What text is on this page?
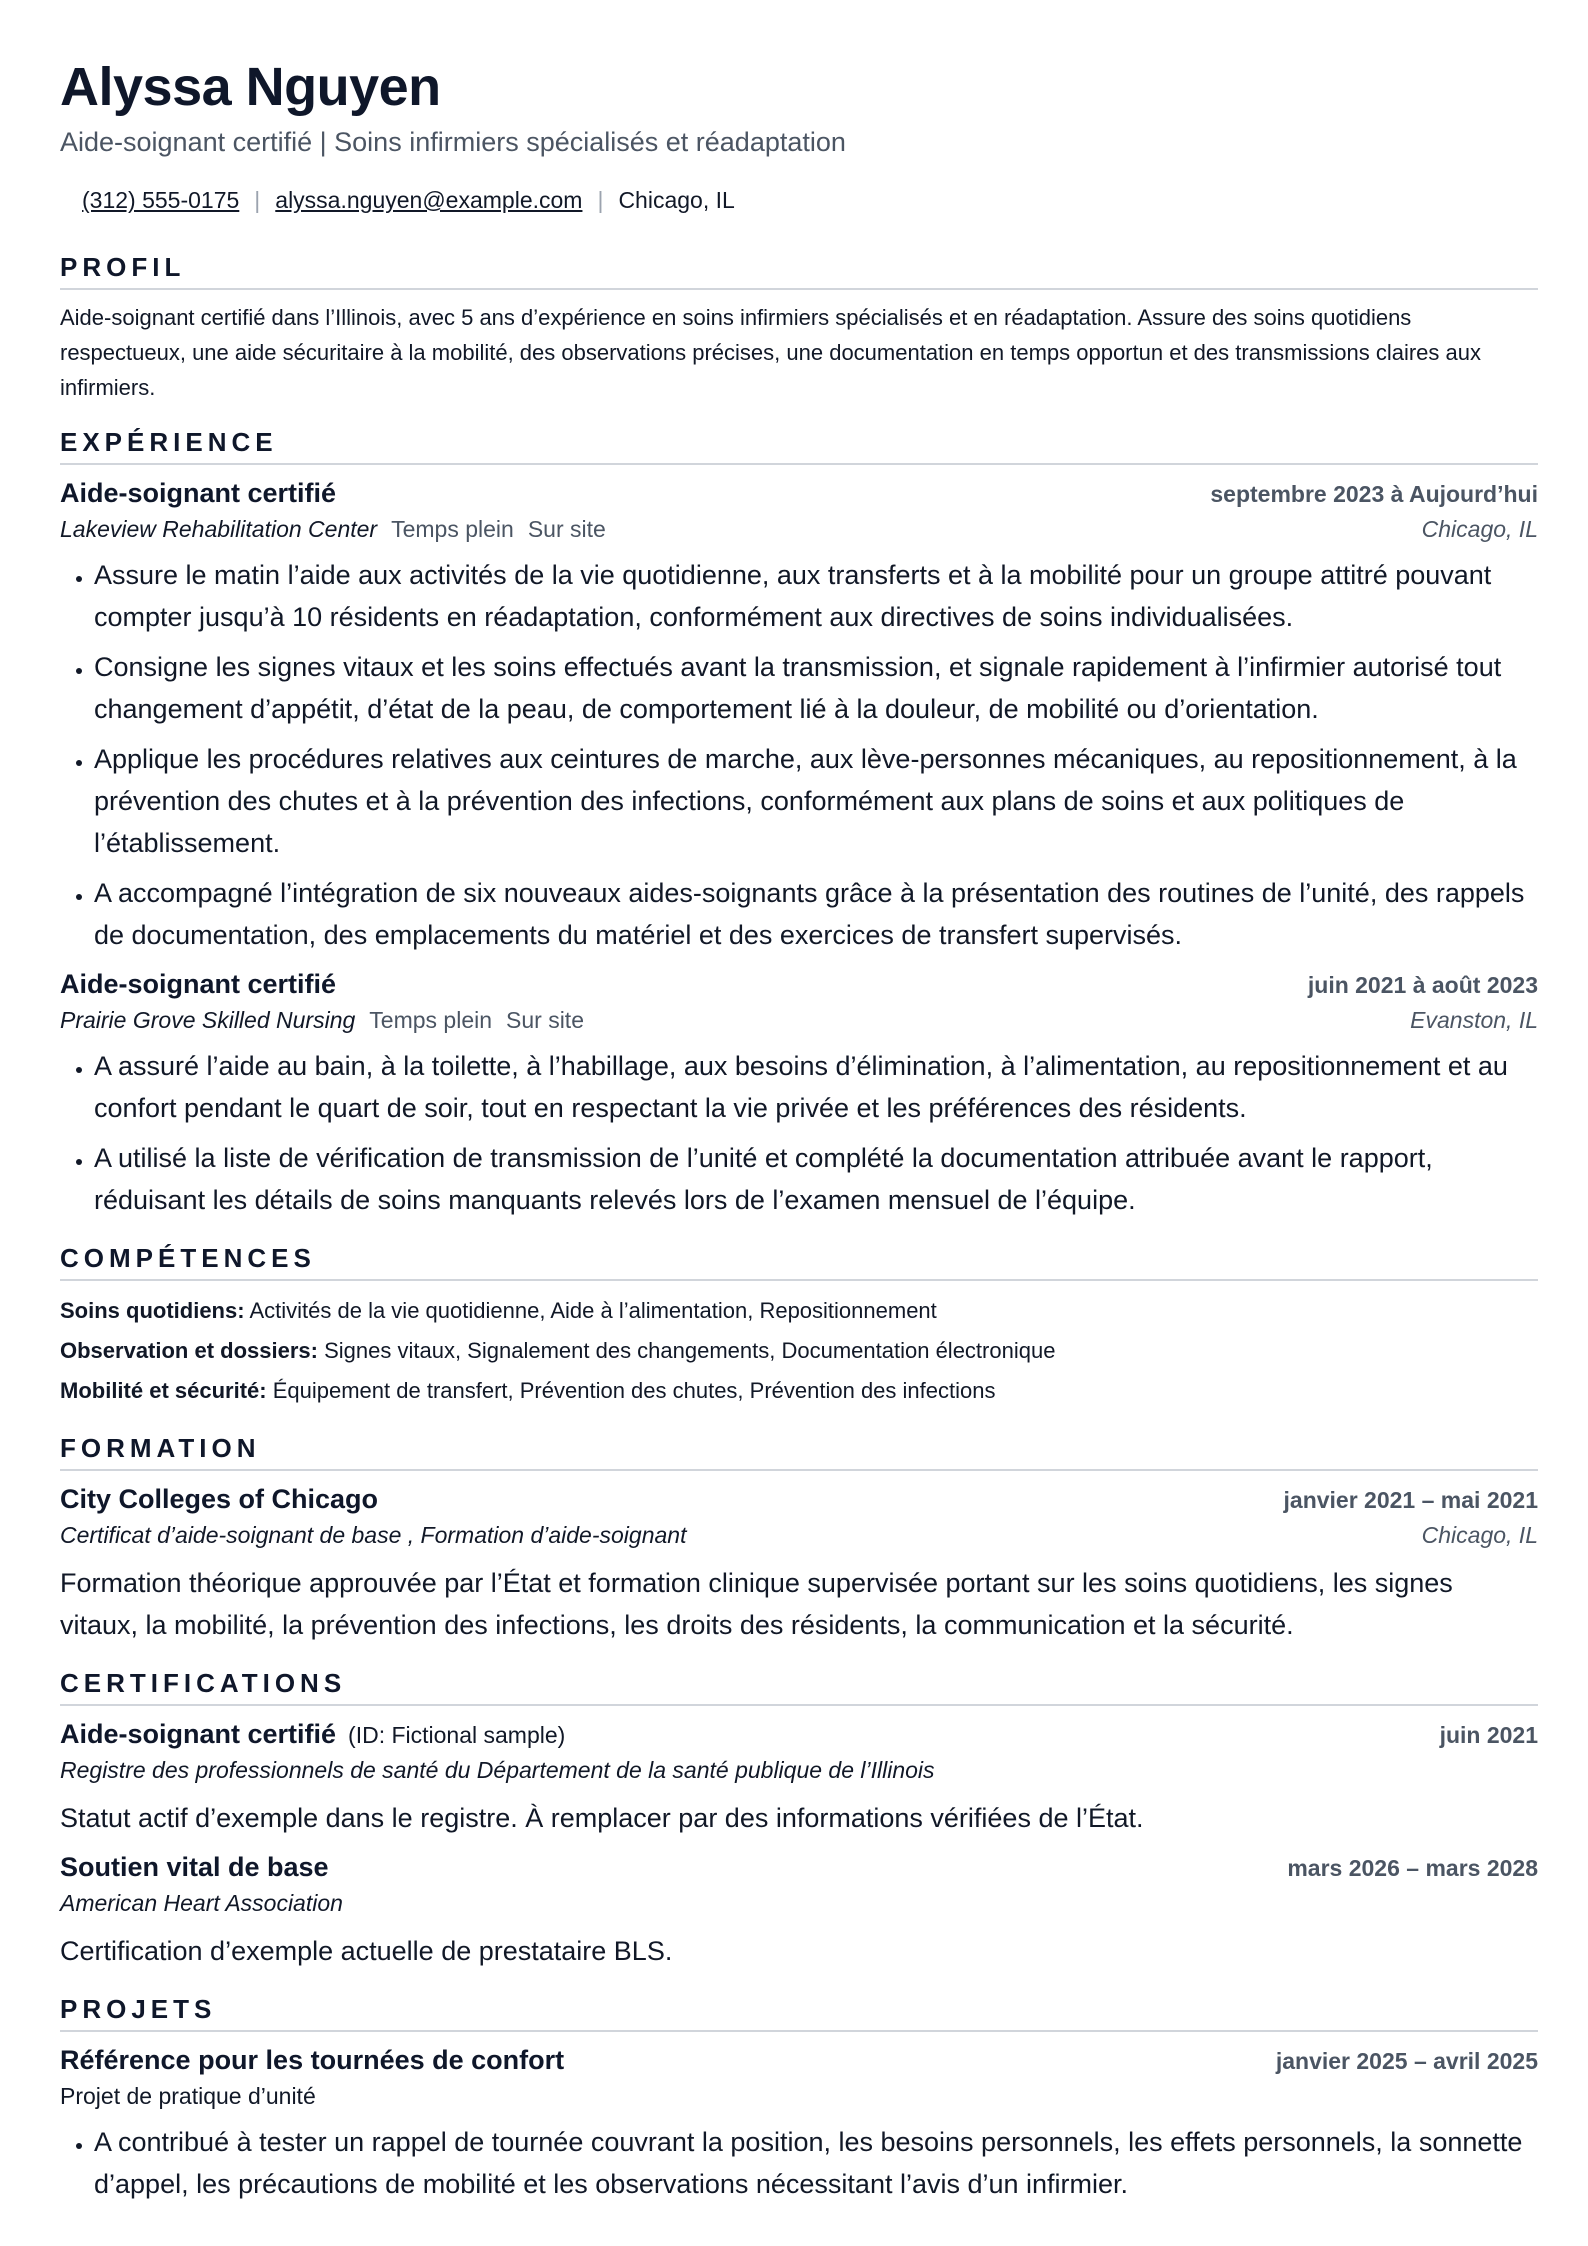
Alyssa Nguyen
Aide-soignant certifié | Soins infirmiers spécialisés et réadaptation
(312) 555-0175 | alyssa.nguyen@example.com | Chicago, IL
PROFIL
Aide-soignant certifié dans l’Illinois, avec 5 ans d’expérience en soins infirmiers spécialisés et en réadaptation. Assure des soins quotidiens respectueux, une aide sécuritaire à la mobilité, des observations précises, une documentation en temps opportun et des transmissions claires aux infirmiers.
EXPÉRIENCE
Aide-soignant certifié	septembre 2023 à Aujourd’hui
Lakeview Rehabilitation Center Temps plein Sur site	Chicago, IL
• Assure le matin l’aide aux activités de la vie quotidienne, aux transferts et à la mobilité pour un groupe attitré pouvant compter jusqu’à 10 résidents en réadaptation, conformément aux directives de soins individualisées.
• Consigne les signes vitaux et les soins effectués avant la transmission, et signale rapidement à l’infirmier autorisé tout changement d’appétit, d’état de la peau, de comportement lié à la douleur, de mobilité ou d’orientation.
• Applique les procédures relatives aux ceintures de marche, aux lève-personnes mécaniques, au repositionnement, à la prévention des chutes et à la prévention des infections, conformément aux plans de soins et aux politiques de l’établissement.
• A accompagné l’intégration de six nouveaux aides-soignants grâce à la présentation des routines de l’unité, des rappels de documentation, des emplacements du matériel et des exercices de transfert supervisés.
Aide-soignant certifié	juin 2021 à août 2023
Prairie Grove Skilled Nursing Temps plein Sur site	Evanston, IL
• A assuré l’aide au bain, à la toilette, à l’habillage, aux besoins d’élimination, à l’alimentation, au repositionnement et au confort pendant le quart de soir, tout en respectant la vie privée et les préférences des résidents.
• A utilisé la liste de vérification de transmission de l’unité et complété la documentation attribuée avant le rapport, réduisant les détails de soins manquants relevés lors de l’examen mensuel de l’équipe.
COMPÉTENCES
Soins quotidiens: Activités de la vie quotidienne, Aide à l’alimentation, Repositionnement
Observation et dossiers: Signes vitaux, Signalement des changements, Documentation électronique
Mobilité et sécurité: Équipement de transfert, Prévention des chutes, Prévention des infections
FORMATION
City Colleges of Chicago	janvier 2021 – mai 2021
Certificat d’aide-soignant de base , Formation d’aide-soignant	Chicago, IL
Formation théorique approuvée par l’État et formation clinique supervisée portant sur les soins quotidiens, les signes vitaux, la mobilité, la prévention des infections, les droits des résidents, la communication et la sécurité.
CERTIFICATIONS
Aide-soignant certifié (ID: Fictional sample)	juin 2021
Registre des professionnels de santé du Département de la santé publique de l’Illinois
Statut actif d’exemple dans le registre. À remplacer par des informations vérifiées de l’État.
Soutien vital de base	mars 2026 – mars 2028
American Heart Association
Certification d’exemple actuelle de prestataire BLS.
PROJETS
Référence pour les tournées de confort	janvier 2025 – avril 2025
Projet de pratique d’unité
• A contribué à tester un rappel de tournée couvrant la position, les besoins personnels, les effets personnels, la sonnette d’appel, les précautions de mobilité et les observations nécessitant l’avis d’un infirmier.
